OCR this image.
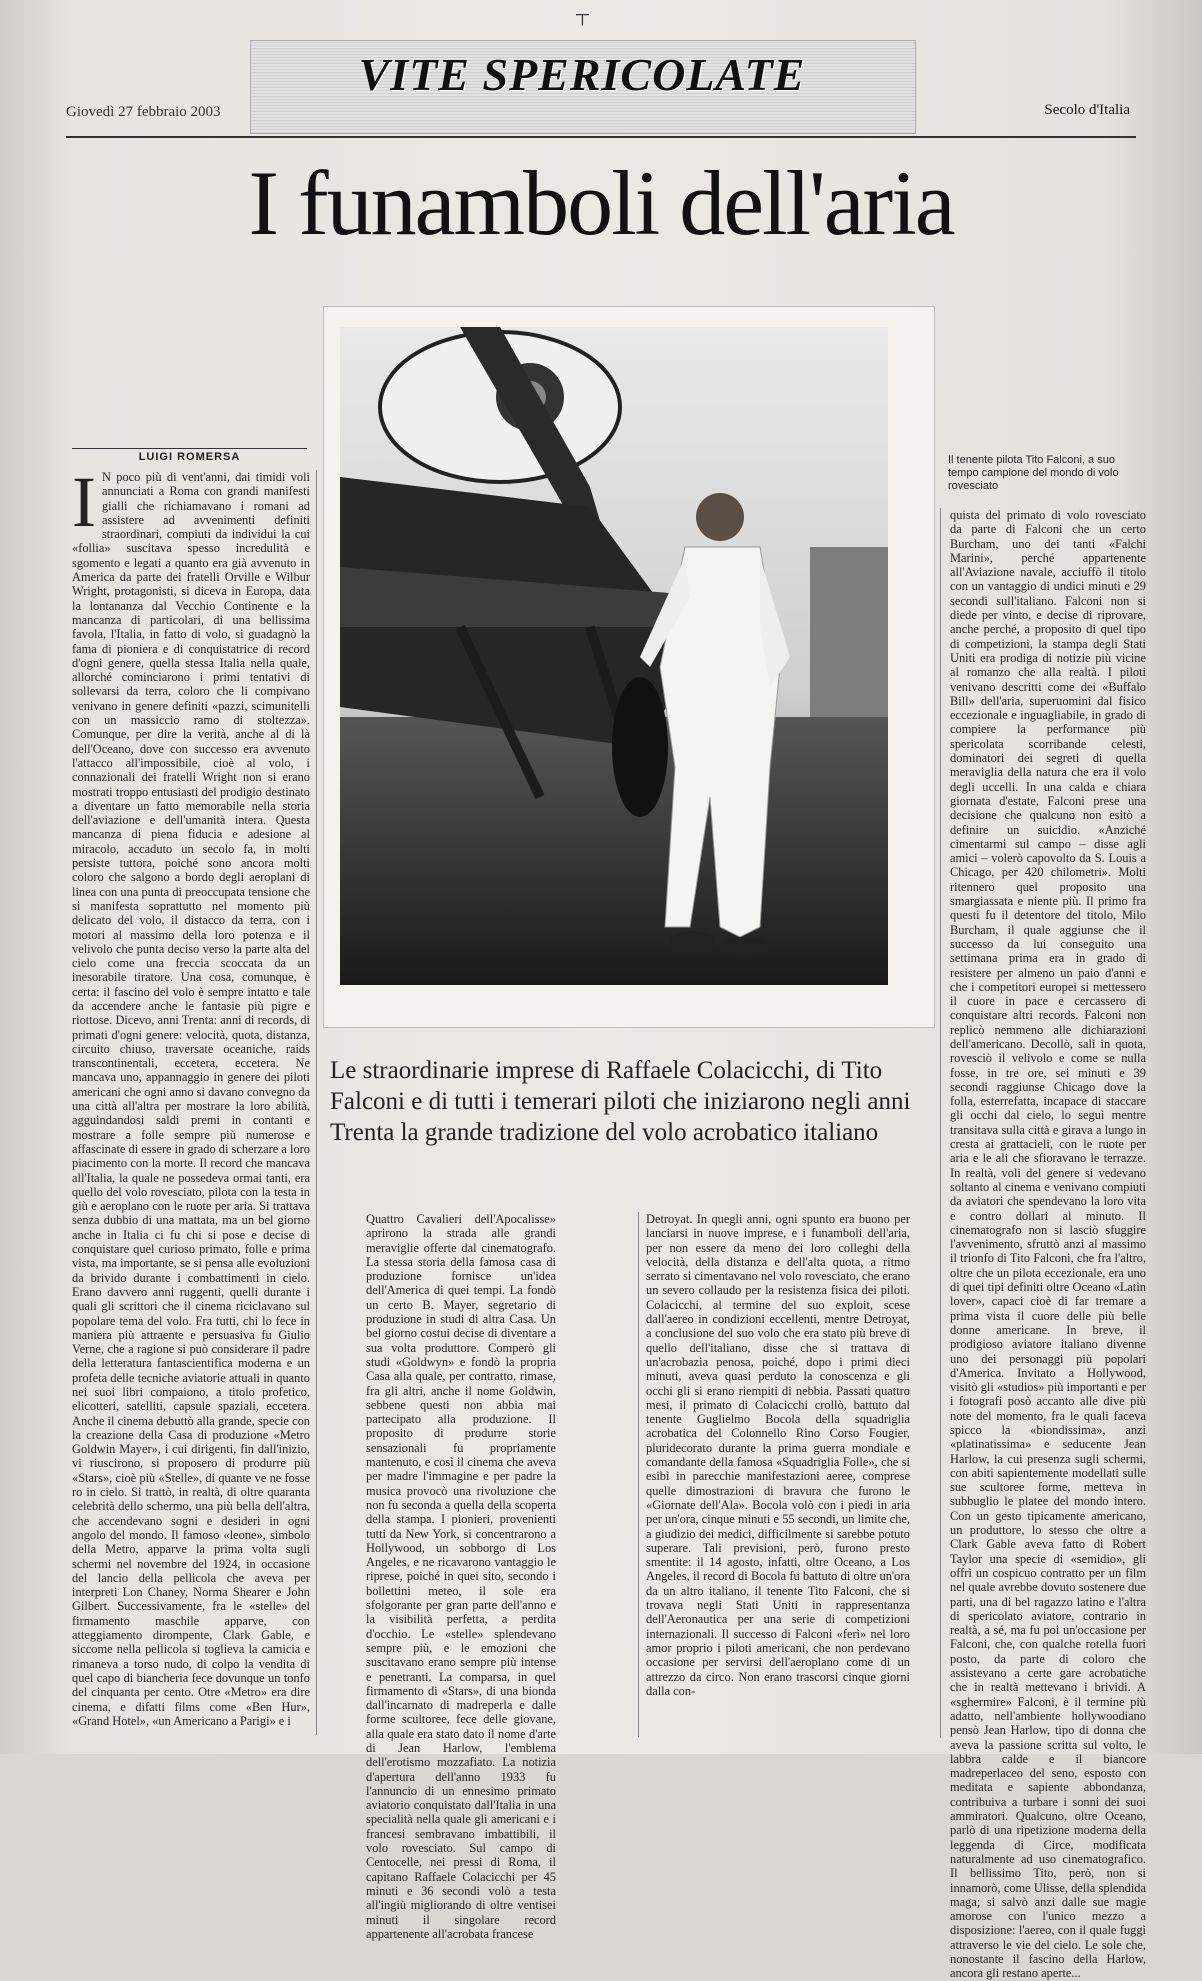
┬
VITE SPERICOLATE
Giovedì 27 febbraio 2003	Secolo d'Italia
I funamboli dell'aria
LUIGI ROMERSA
I N poco più di vent'anni, dai timidi voli annunciati a Roma con grandi manifesti gialli che richiamavano i romani ad assistere ad avvenimenti definiti straordinari, compiuti da individui la cui «follia» suscitava spesso incredulità e sgomento e legati a quanto era già avvenuto in America da parte dei fratelli Orville e Wilbur Wright, protagonisti, si diceva in Europa, data la lontananza dal Vecchio Continente e la mancanza di particolari, di una bellissima favola, l'Italia, in fatto di volo, si guadagnò la fama di pioniera e di conquistatrice di record d'ogni genere, quella stessa Italia nella quale, allorché cominciarono i primi tentativi di sollevarsi da terra, coloro che li compivano venivano in genere definiti «pazzi, scimunitelli con un massiccio ramo di stoltezza». Comunque, per dire la verità, anche al di là dell'Oceano, dove con successo era avvenuto l'attacco all'impossibile, cioè al volo, i connazionali dei fratelli Wright non si erano mostrati troppo entusiasti del prodigio destinato a diventare un fatto memorabile nella storia dell'aviazione e dell'umanità intera. Questa mancanza di piena fiducia e adesione al miracolo, accaduto un secolo fa, in molti persiste tuttora, poiché sono ancora molti coloro che salgono a bordo degli aeroplani di linea con una punta di preoccupata tensione che si manifesta soprattutto nel momento più delicato del volo, il distacco da terra, con i motori al massimo della loro potenza e il velivolo che punta deciso verso la parte alta del cielo come una freccia scoccata da un inesorabile tiratore. Una cosa, comunque, è certa: il fascino del volo è sempre intatto e tale da accendere anche le fantasie più pigre e riottose. Dicevo, anni Trenta: anni di records, di primati d'ogni genere: velocità, quota, distanza, circuito chiuso, traversate oceaniche, raids transcontinentali, eccetera, eccetera. Ne mancava uno, appannaggio in genere dei piloti americani che ogni anno si davano convegno da una città all'altra per mostrare la loro abilità, agguindandosi saldi premi in contanti e mostrare a folle sempre più numerose e affascinate di essere in grado di scherzare a loro piacimento con la morte. Il record che mancava all'Italia, la quale ne possedeva ormai tanti, era quello del volo rovesciato, pilota con la testa in giù e aeroplano con le ruote per aria. Si trattava senza dubbio di una mattata, ma un bel giorno anche in Italia ci fu chi si pose e decise di conquistare quel curioso primato, folle e prima vista, ma importante, se si pensa alle evoluzioni da brivido durante i combattimenti in cielo. Erano davvero anni ruggenti, quelli durante i quali gli scrittori che il cinema riciclavano sul popolare tema del volo. Fra tutti, chi lo fece in maniera più attraente e persuasiva fu Giulio Verne, che a ragione si può considerare il padre della letteratura fantascientifica moderna e un profeta delle tecniche aviatorie attuali in quanto nei suoi libri compaiono, a titolo profetico, elicotteri, satelliti, capsule spaziali, eccetera. Anche il cinema debuttò alla grande, specie con la creazione della Casa di produzione «Metro Goldwin Mayer», i cui dirigenti, fin dall'inizio, vi riuscirono, si proposero di produrre più «Stars», cioè più «Stelle», di quante ve ne fosse ro in cielo. Si trattò, in realtà, di oltre quaranta celebrità dello schermo, una più bella dell'altra, che accendevano sogni e desideri in ogni angolo del mondo. Il famoso «leone», simbolo della Metro, apparve la prima volta sugli schermi nel novembre del 1924, in occasione del lancio della pellicola che aveva per interpreti Lon Chaney, Norma Shearer e John Gilbert. Successivamente, fra le «stelle» del firmamento maschile apparve, con atteggiamento dirompente, Clark Gable, e siccome nella pellicola si toglieva la camicia e rimaneva a torso nudo, di colpo la vendita di quel capo di biancheria fece dovunque un tonfo del cinquanta per cento. Otre «Metro» era dire cinema, e difatti films come «Ben Hur», «Grand Hotel», «un Americano a Parigi» e i
Il tenente pilota Tito Falconi, a suo tempo campione del mondo di volo rovesciato
quista del primato di volo rovesciato da parte di Falconi che un certo Burcham, uno dei tanti «Falchi Marini», perché appartenente all'Aviazione navale, acciuffò il titolo con un vantaggio di undici minuti e 29 secondi sull'italiano. Falconi non si diede per vinto, e decise di riprovare, anche perché, a proposito di quel tipo di competizioni, la stampa degli Stati Uniti era prodiga di notizie più vicine al romanzo che alla realtà. I piloti venivano descritti come dei «Buffalo Bill» dell'aria, superuomini dal fisico eccezionale e inguagliabile, in grado di compiere la performance più spericolata scorribande celesti, dominatori dei segreti di quella meraviglia della natura che era il volo degli uccelli. In una calda e chiara giornata d'estate, Falconi prese una decisione che qualcuno non esitò a definire un suicidio. «Anziché cimentarmi sul campo – disse agli amici – volerò capovolto da S. Louis a Chicago, per 420 chilometri». Molti ritennero quel proposito una smargiassata e niente più. Il primo fra questi fu il detentore del titolo, Milo Burcham, il quale aggiunse che il successo da lui conseguito una settimana prima era in grado di resistere per almeno un paio d'anni e che i competitori europei si mettessero il cuore in pace e cercassero di conquistare altri records. Falconi non replicò nemmeno alle dichiarazioni dell'americano. Decollò, salì in quota, rovesciò il velivolo e come se nulla fosse, in tre ore, sei minuti e 39 secondi raggiunse Chicago dove la folla, esterrefatta, incapace di staccare gli occhi dal cielo, lo seguì mentre transitava sulla città e girava a lungo in cresta ai grattacieli, con le ruote per aria e le ali che sfioravano le terrazze. In realtà, voli del genere si vedevano soltanto al cinema e venivano compiuti da aviatori che spendevano la loro vita e contro dollari al minuto. Il cinematografo non si lasciò sfuggire l'avvenimento, sfruttò anzi al massimo il trionfo di Tito Falconi, che fra l'altro, oltre che un pilota eccezionale, era uno di quei tipi definiti oltre Oceano «Latin lover», capaci cioè di far tremare a prima vista il cuore delle più belle donne americane. In breve, il prodigioso aviatore italiano divenne uno dei personaggi più popolari d'America. Invitato a Hollywood, visitò gli «studios» più importanti e per i fotografi posò accanto alle dive più note del momento, fra le quali faceva spicco la «biondissima», anzi «platinatissima» e seducente Jean Harlow, la cui presenza sugli schermi, con abiti sapientemente modellati sulle sue scultoree forme, metteva in subbuglio le platee del mondo intero. Con un gesto tipicamente americano, un produttore, lo stesso che oltre a Clark Gable aveva fatto di Robert Taylor una specie di «semidio», gli offrì un cospicuo contratto per un film nel quale avrebbe dovuto sostenere due parti, una di bel ragazzo latino e l'altra di spericolato aviatore, contrario in realtà, a sé, ma fu poi un'occasione per Falconi, che, con qualche rotella fuori posto, da parte di coloro che assistevano a certe gare acrobatiche che in realtà mettevano i brividi. A «sghermire» Falconi, è il termine più adatto, nell'ambiente hollywoodiano pensò Jean Harlow, tipo di donna che aveva la passione scritta sul volto, le labbra calde e il biancore madreperlaceo del seno, esposto con meditata e sapiente abbondanza, contribuiva a turbare i sonni dei suoi ammiratori. Qualcuno, oltre Oceano, parlò di una ripetizione moderna della leggenda di Circe, modificata naturalmente ad uso cinematografico. Il bellissimo Tito, però, non si innamorò, come Ulisse, della splendida maga; si salvò anzi dalle sue magie amorose con l'unico mezzo a disposizione: l'aereo, con il quale fuggì attraverso le vie del cielo. Le sole che, nonostante il fascino della Harlow, ancora gli restano aperte...
Le straordinarie imprese di Raffaele Colacicchi, di Tito Falconi e di tutti i temerari piloti che iniziarono negli anni Trenta la grande tradizione del volo acrobatico italiano
Quattro Cavalieri dell'Apocalisse» aprirono la strada alle grandi meraviglie offerte dal cinematografo. La stessa storia della famosa casa di produzione fornisce un'idea dell'America di quei tempi. La fondò un certo B. Mayer, segretario di produzione in studi di altra Casa. Un bel giorno costui decise di diventare a sua volta produttore. Comperò gli studi «Goldwyn» e fondò la propria Casa alla quale, per contratto, rimase, fra gli altri, anche il nome Goldwin, sebbene questi non abbia mai partecipato alla produzione. Il proposito di produrre storie sensazionali fu propriamente mantenuto, e così il cinema che aveva per madre l'immagine e per padre la musica provocò una rivoluzione che non fu seconda a quella della scoperta della stampa. I pionieri, provenienti tutti da New York, si concentrarono a Hollywood, un sobborgo di Los Angeles, e ne ricavarono vantaggio le riprese, poiché in quei sito, secondo i bollettini meteo, il sole era sfolgorante per gran parte dell'anno e la visibilità perfetta, a perdita d'occhio. Le «stelle» splendevano sempre più, e le emozioni che suscitavano erano sempre più intense e penetranti. La comparsa, in quel firmamento di «Stars», di una bionda dall'incarnato di madreperla e dalle forme scultoree, fece delle giovane, alla quale era stato dato il nome d'arte di Jean Harlow, l'emblema dell'erotismo mozzafiato. La notizia d'apertura dell'anno 1933 fu l'annuncio di un ennesimo primato aviatorio conquistato dall'Italia in una specialità nella quale gli americani e i francesi sembravano imbattibili, il volo rovesciato. Sul campo di Centocelle, nei pressi di Roma, il capitano Raffaele Colacicchi per 45 minuti e 36 secondi volò a testa all'ingiù migliorando di oltre ventisei minuti il singolare record appartenente all'acrobata francese
Detroyat. In quegli anni, ogni spunto era buono per lanciarsi in nuove imprese, e i funamboli dell'aria, per non essere da meno dei loro colleghi della velocità, della distanza e dell'alta quota, a ritmo serrato si cimentavano nel volo rovesciato, che erano un severo collaudo per la resistenza fisica dei piloti. Colacicchi, al termine del suo exploit, scese dall'aereo in condizioni eccellenti, mentre Detroyat, a conclusione del suo volo che era stato più breve di quello dell'italiano, disse che si trattava di un'acrobazia penosa, poiché, dopo i primi dieci minuti, aveva quasi perduto la conoscenza e gli occhi gli si erano riempiti di nebbia. Passati quattro mesi, il primato di Colacicchi crollò, battuto dal tenente Guglielmo Bocola della squadriglia acrobatica del Colonnello Rino Corso Fougier, pluridecorato durante la prima guerra mondiale e comandante della famosa «Squadriglia Folle», che si esibì in parecchie manifestazioni aeree, comprese quelle dimostrazioni di bravura che furono le «Giornate dell'Ala». Bocola volò con i piedi in aria per un'ora, cinque minuti e 55 secondi, un limite che, a giudizio dei medici, difficilmente si sarebbe potuto superare. Tali previsioni, però, furono presto smentite: il 14 agosto, infatti, oltre Oceano, a Los Angeles, il record di Bocola fu battuto di oltre un'ora da un altro italiano, il tenente Tito Falconi, che si trovava negli Stati Uniti in rappresentanza dell'Aeronautica per una serie di competizioni internazionali. Il successo di Falconi «ferì» nel loro amor proprio i piloti americani, che non perdevano occasione per servirsi dell'aeroplano come di un attrezzo da circo. Non erano trascorsi cinque giorni dalla con-
